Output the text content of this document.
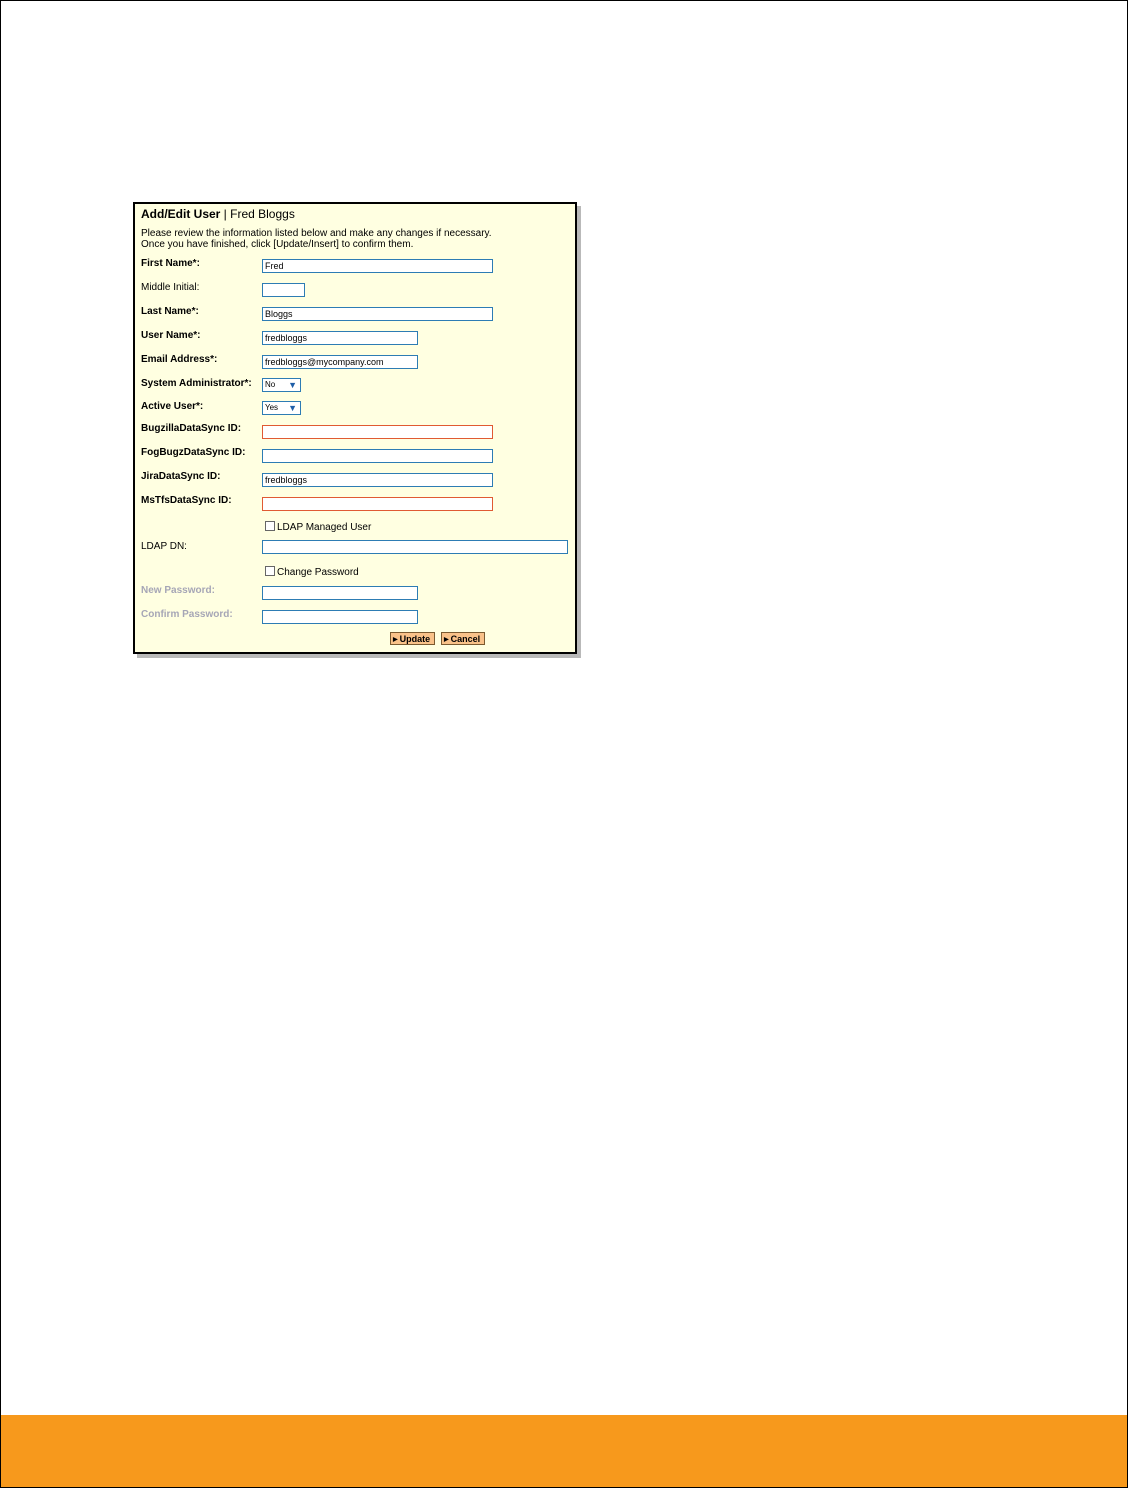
Add/Edit User | Fred Bloggs
Please review the information listed below and make any changes if necessary.
Once you have finished, click [Update/Insert] to confirm them.
First Name*:	Fred
Middle Initial:
Last Name*:	Bloggs
User Name*:	fredbloggs
Email Address*:	fredbloggs@mycompany.com
System Administrator*:	No ▼
Active User*:	Yes ▼
BugzillaDataSync ID:
FogBugzDataSync ID:
JiraDataSync ID:	fredbloggs
MsTfsDataSync ID:
LDAP Managed User
LDAP DN:
Change Password
New Password:
Confirm Password:
▶ Update	▶ Cancel
